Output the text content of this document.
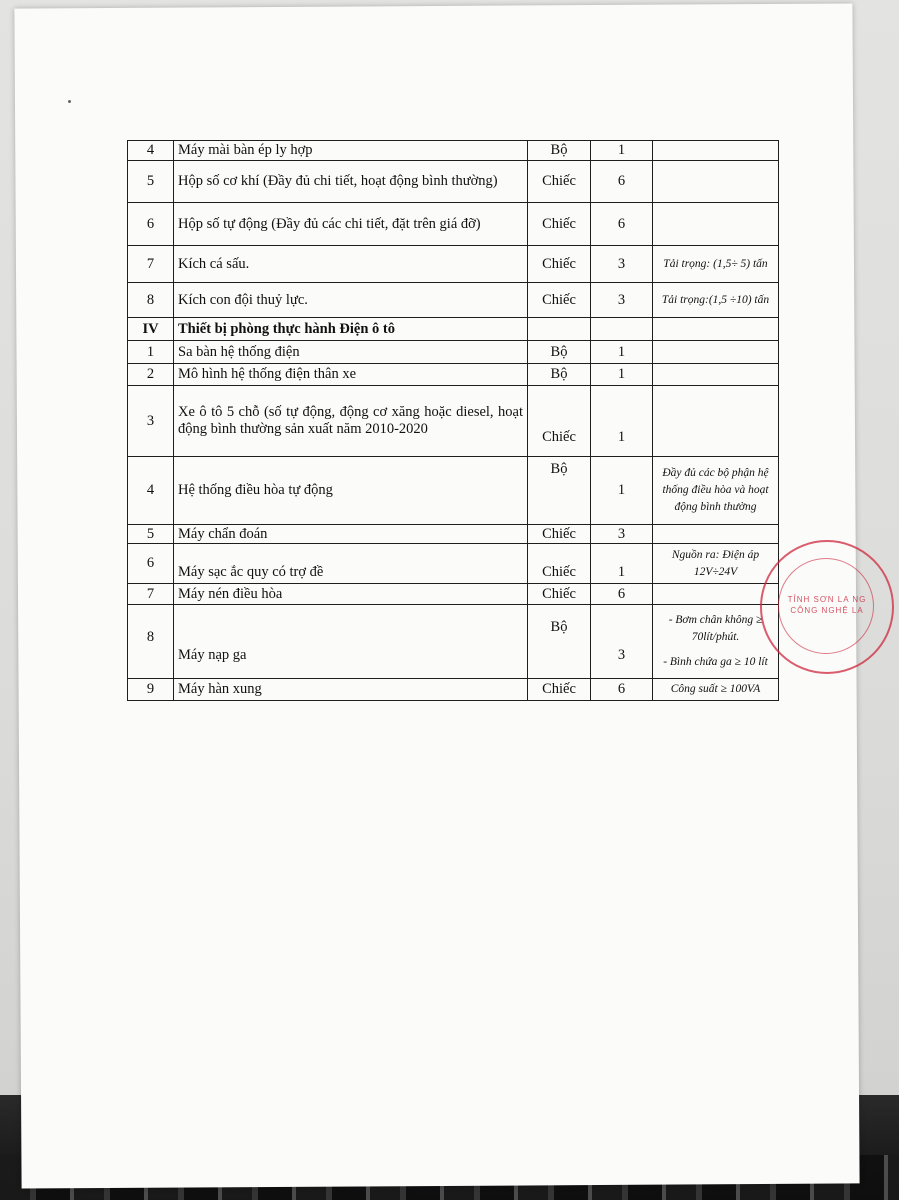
4	Máy mài bàn ép ly hợp	Bộ	1	
5	Hộp số cơ khí (Đầy đủ chi tiết, hoạt động bình thường)	Chiếc	6	
6	Hộp số tự động (Đầy đủ các chi tiết, đặt trên giá đỡ)	Chiếc	6	
7	Kích cá sấu.	Chiếc	3	Tải trọng: (1,5÷ 5) tấn
8	Kích con đội thuỷ lực.	Chiếc	3	Tải trọng:(1,5 ÷10) tấn
IV	Thiết bị phòng thực hành Điện ô tô			
1	Sa bàn hệ thống điện	Bộ	1	
2	Mô hình hệ thống điện thân xe	Bộ	1	
3	Xe ô tô 5 chỗ (số tự động, động cơ xăng hoặc diesel, hoạt động bình thường sản xuất năm 2010-2020	Chiếc	1	
4	Hệ thống điều hòa tự động	Bộ	1	Đầy đủ các bộ phận hệ thống điều hòa và hoạt động bình thường
5	Máy chẩn đoán	Chiếc	3	
6	Máy sạc ắc quy có trợ đề	Chiếc	1	Nguồn ra: Điện áp 12V÷24V
7	Máy nén điều hòa	Chiếc	6	
8	Máy nạp ga	Bộ	3	- Bơm chân không ≥ 70lít/phút.
- Bình chứa ga ≥ 10 lít

9	Máy hàn xung	Chiếc	6	Công suất ≥ 100VA
TỈNH SƠN LA NG CÔNG NGHỆ LA
